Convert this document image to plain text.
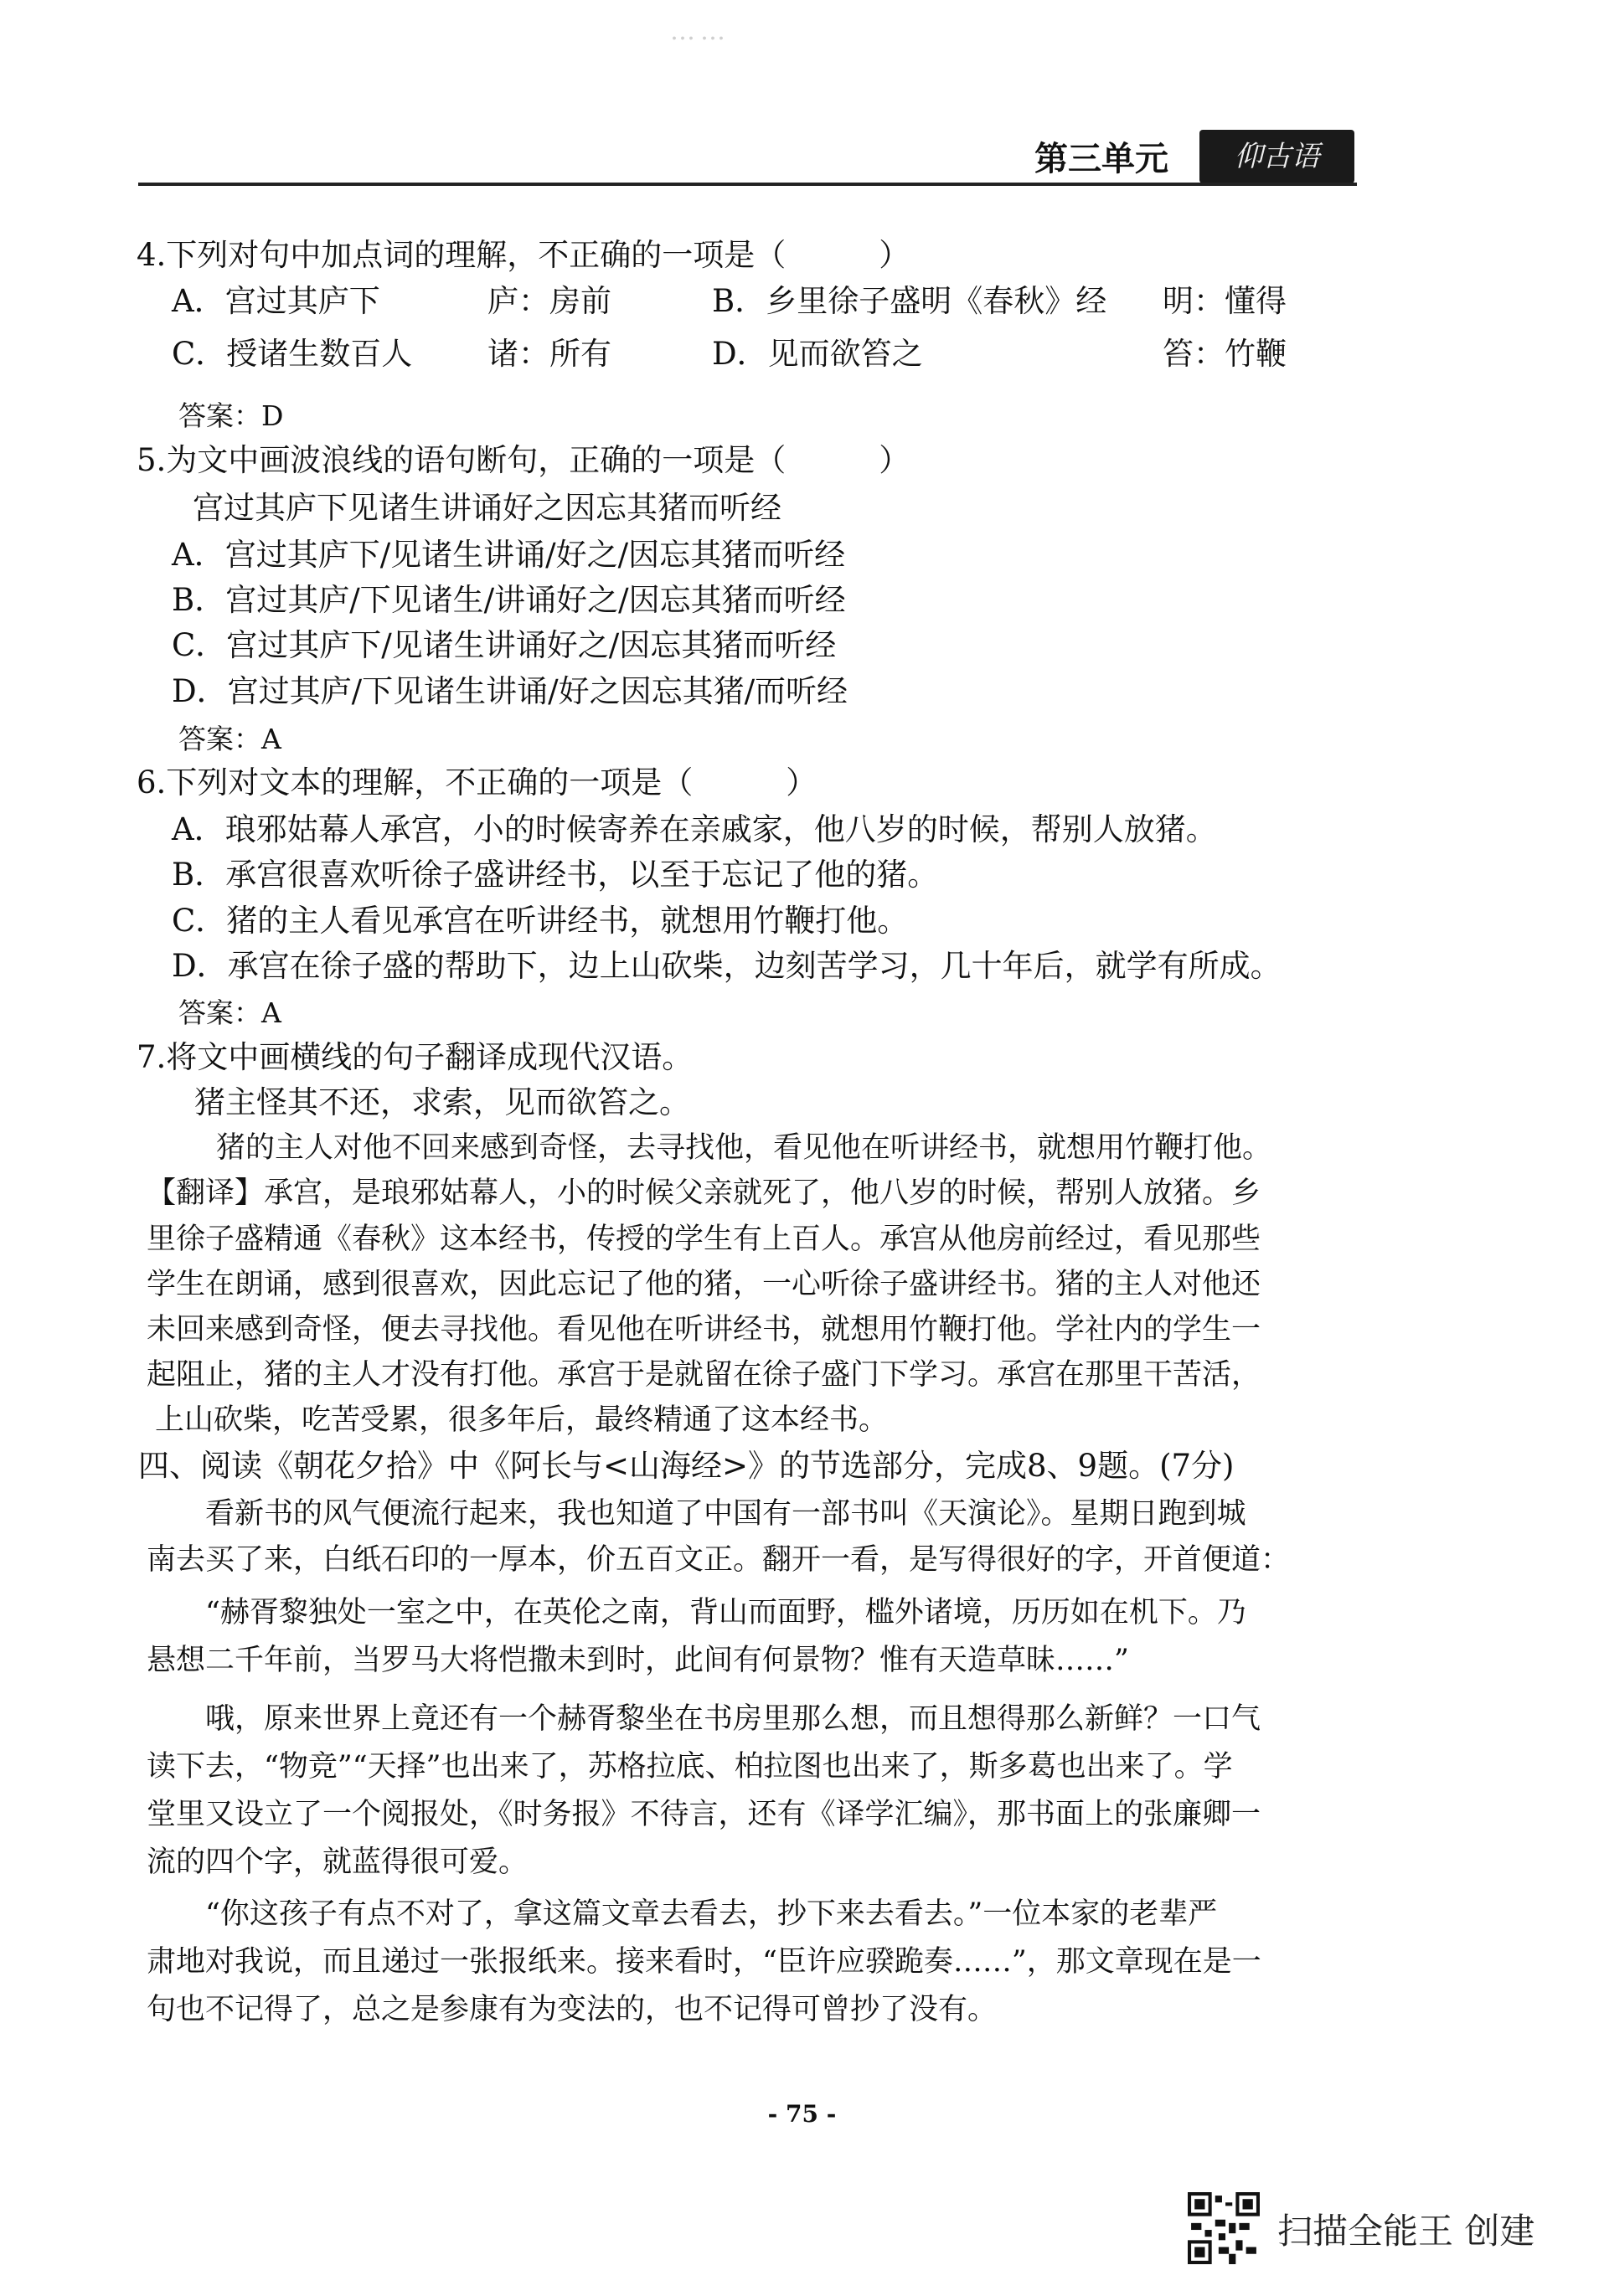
……
第三单元	仰古语
4.下列对句中加点词的理解，不正确的一项是（　　　）
A．宫过其庐下	庐：房前	B．乡里徐子盛明《春秋》经 明：懂得
C．授诸生数百人 诸：所有	D．见而欲笞之	笞：竹鞭
答案：D
5.为文中画波浪线的语句断句，正确的一项是（　　　）
宫过其庐下见诸生讲诵好之因忘其猪而听经
A．宫过其庐下/见诸生讲诵/好之/因忘其猪而听经
B．宫过其庐/下见诸生/讲诵好之/因忘其猪而听经
C．宫过其庐下/见诸生讲诵好之/因忘其猪而听经
D．宫过其庐/下见诸生讲诵/好之因忘其猪/而听经
答案：A
6.下列对文本的理解，不正确的一项是（　　　）
A．琅邪姑幕人承宫，小的时候寄养在亲戚家，他八岁的时候，帮别人放猪。
B．承宫很喜欢听徐子盛讲经书，以至于忘记了他的猪。
C．猪的主人看见承宫在听讲经书，就想用竹鞭打他。
D．承宫在徐子盛的帮助下，边上山砍柴，边刻苦学习，几十年后，就学有所成。
答案：A
7.将文中画横线的句子翻译成现代汉语。
猪主怪其不还，求索，见而欲笞之。
猪的主人对他不回来感到奇怪，去寻找他，看见他在听讲经书，就想用竹鞭打他。
【翻译】承宫，是琅邪姑幕人，小的时候父亲就死了，他八岁的时候，帮别人放猪。乡
里徐子盛精通《春秋》这本经书，传授的学生有上百人。承宫从他房前经过，看见那些
学生在朗诵，感到很喜欢，因此忘记了他的猪，一心听徐子盛讲经书。猪的主人对他还
未回来感到奇怪，便去寻找他。看见他在听讲经书，就想用竹鞭打他。学社内的学生一
起阻止，猪的主人才没有打他。承宫于是就留在徐子盛门下学习。承宫在那里干苦活，
上山砍柴，吃苦受累，很多年后，最终精通了这本经书。
四、阅读《朝花夕拾》中《阿长与<山海经>》的节选部分，完成8、9题。(7分)
看新书的风气便流行起来，我也知道了中国有一部书叫《天演论》。星期日跑到城
南去买了来，白纸石印的一厚本，价五百文正。翻开一看，是写得很好的字，开首便道：
“赫胥黎独处一室之中，在英伦之南，背山而面野，槛外诸境，历历如在机下。乃
悬想二千年前，当罗马大将恺撒未到时，此间有何景物？惟有天造草昧……”
哦，原来世界上竟还有一个赫胥黎坐在书房里那么想，而且想得那么新鲜？一口气
读下去，“物竞”“天择”也出来了，苏格拉底、柏拉图也出来了，斯多葛也出来了。学
堂里又设立了一个阅报处，《时务报》不待言，还有《译学汇编》，那书面上的张廉卿一
流的四个字，就蓝得很可爱。
“你这孩子有点不对了，拿这篇文章去看去，抄下来去看去。”一位本家的老辈严
肃地对我说，而且递过一张报纸来。接来看时，“臣许应骙跪奏……”，那文章现在是一
句也不记得了，总之是参康有为变法的，也不记得可曾抄了没有。
- 75 -
扫描全能王 创建
